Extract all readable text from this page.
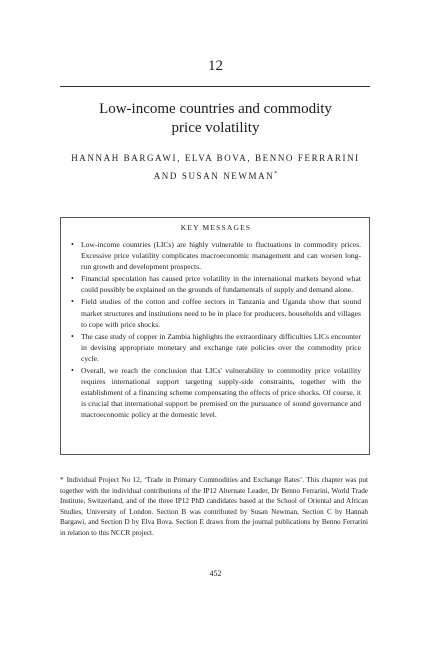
12
Low-income countries and commodity
price volatility
HANNAH BARGAWI, ELVA BOVA, BENNO FERRARINI
AND SUSAN NEWMAN*
KEY MESSAGES
• Low-income countries (LICs) are highly vulnerable to fluctuations in commodity prices. Excessive price volatility complicates macroeconomic management and can worsen long-run growth and development prospects.
• Financial speculation has caused price volatility in the international markets beyond what could possibly be explained on the grounds of fundamentals of supply and demand alone.
• Field studies of the cotton and coffee sectors in Tanzania and Uganda show that sound market structures and institutions need to be in place for producers, households and villages to cope with price shocks.
• The case study of copper in Zambia highlights the extraordinary difficulties LICs encounter in devising appropriate monetary and exchange rate policies over the commodity price cycle.
• Overall, we reach the conclusion that LICs' vulnerability to commodity price volatility requires international support targeting supply-side constraints, together with the establishment of a financing scheme compensating the effects of price shocks. Of course, it is crucial that international support be premised on the pursuance of sound governance and macroeconomic policy at the domestic level.
* Individual Project No 12, ‘Trade in Primary Commodities and Exchange Rates’. This chapter was put together with the individual contributions of the IP12 Alternate Leader, Dr Benno Ferrarini, World Trade Institute, Switzerland, and of the three IP12 PhD candidates based at the School of Oriental and African Studies, University of London. Section B was contributed by Susan Newman, Section C by Hannah Bargawi, and Section D by Elva Bova. Section E draws from the journal publications by Benno Ferrarini in relation to this NCCR project.
452
